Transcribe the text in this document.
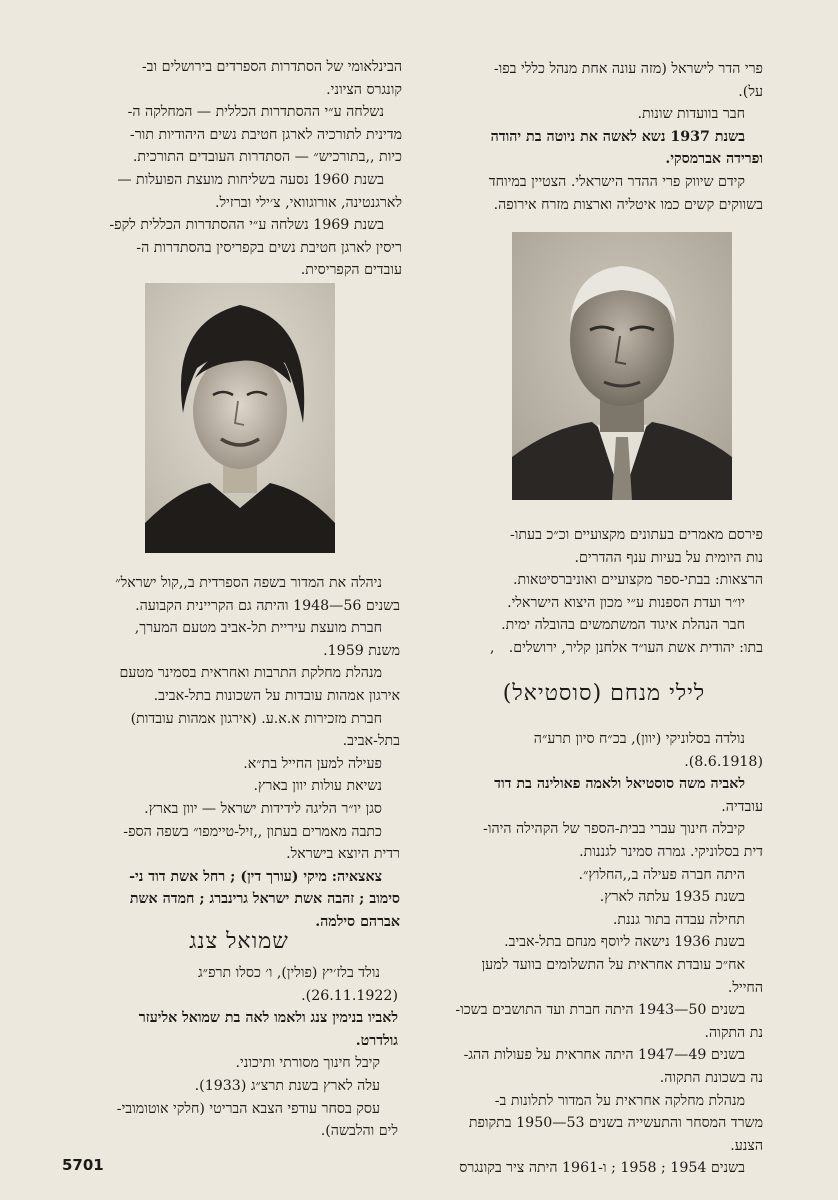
הבינלאומי של הסתדרות הספרדים בירושלים וב-

קונגרס הציוני.

נשלחה ע״י ההסתדרות הכללית — המחלקה ה-

מדינית לתורכיה לארגן חטיבת נשים היהודיות תור-

כיות ,,בתורכיש״ — הסתדרות העובדים התורכית.

בשנת 1960 נסעה בשליחות מועצת הפועלות —

לארגנטינה, אורוגוואי, צ׳ילי וברזיל.

בשנת 1969 נשלחה ע״י ההסתדרות הכללית לקפ-

ריסין לארגן חטיבת נשים בקפריסין בהסתדרות ה-

עובדים הקפריסית.

פרי הדר לישראל (מזה עונה אחת מנהל כללי בפו-

על).

חבר בוועדות שונות.

בשנת 1937 נשא לאשה את ניוטה בת יהודה

ופרידה אברמסקי.

קידם שיווק פרי ההדר הישראלי. הצטיין במיוחד

בשווקים קשים כמו איטליה וארצות מזרח אירופה.

פירסם מאמרים בעתונים מקצועיים וכ״כ בעתו-

נות היומית על בעיות ענף ההדרים.

הרצאות: בבתי-ספר מקצועיים ואוניברסיטאות.

יו״ר ועדת הספנות ע״י מכון היצוא הישראלי.

חבר הנהלת איגוד המשתמשים בהובלה ימית.

בתו: יהודית אשת העו״ד אלחנן קליר, ירושלים.

,
לילי מנחם (סוסטיאל)

נולדה בסלוניקי (יוון), בכ״ח סיון תרע״ה

(8.6.1918).

לאביה משה סוסטיאל ולאמה פאולינה בת דוד

עובדיה.

קיבלה חינוך עברי בבית-הספר של הקהילה היהו-

דית בסלוניקי. גמרה סמינר לגננות.

היתה חברה פעילה ב,,החלוץ״.

בשנת 1935 עלתה לארץ.

תחילה עבדה בתור גננת.

בשנת 1936 נישאה ליוסף מנחם בתל-אביב.

אח״כ עובדת אחראית על התשלומים בוועד למען

החייל.

בשנים 50—1943 היתה חברת ועד התושבים בשכו-

נת התקוה.

בשנים 49—1947 היתה אחראית על פעולות ההג-

נה בשכונת התקוה.

מנהלת מחלקה אחראית על המדור לתלונות ב-

משרד המסחר והתעשייה בשנים 53—1950 בתקופת

הצנע.

בשנים 1954 ; 1958 ; ו-1961 היתה ציר בקונגרס

ניהלה את המדור בשפה הספרדית ב,,קול ישראל״

בשנים 56—1948 והיתה גם הקריינית הקבועה.

חברת מועצת עיריית תל-אביב מטעם המערך,

משנת 1959.

מנהלת מחלקת התרבות ואחראית בסמינר מטעם

אירגון אמהות עובדות על השכונות בתל-אביב.

חברת מזכירות א.א.ע. (אירגון אמהות עובדות)

בתל-אביב.

פעילה למען החייל בת״א.

נשיאת עולות יוון בארץ.

סגן יו״ר הליגה לידידות ישראל — יוון בארץ.

כתבה מאמרים בעתון ,,זיל-טיימפו״ בשפה הספ-

רדית היוצא בישראל.

צאצאיה: מיקי (עורך דין) ; רחל אשת דוד ני-

סימוב ; זהבה אשת ישראל גרינברג ; חמדה אשת

אברהם סילמה.

שמואל צנג

נולד בלז׳יץ (פולין), ו׳ כסלו תרפ״ג

(26.11.1922).

לאביו בנימין צנג ולאמו לאה בת שמואל אליעזר

גולדרט.

קיבל חינוך מסורתי ותיכוני.

עלה לארץ בשנת תרצ״ג (1933).

עסק בסחר עודפי הצבא הבריטי (חלקי אוטומובי-

לים והלבשה).

5701
